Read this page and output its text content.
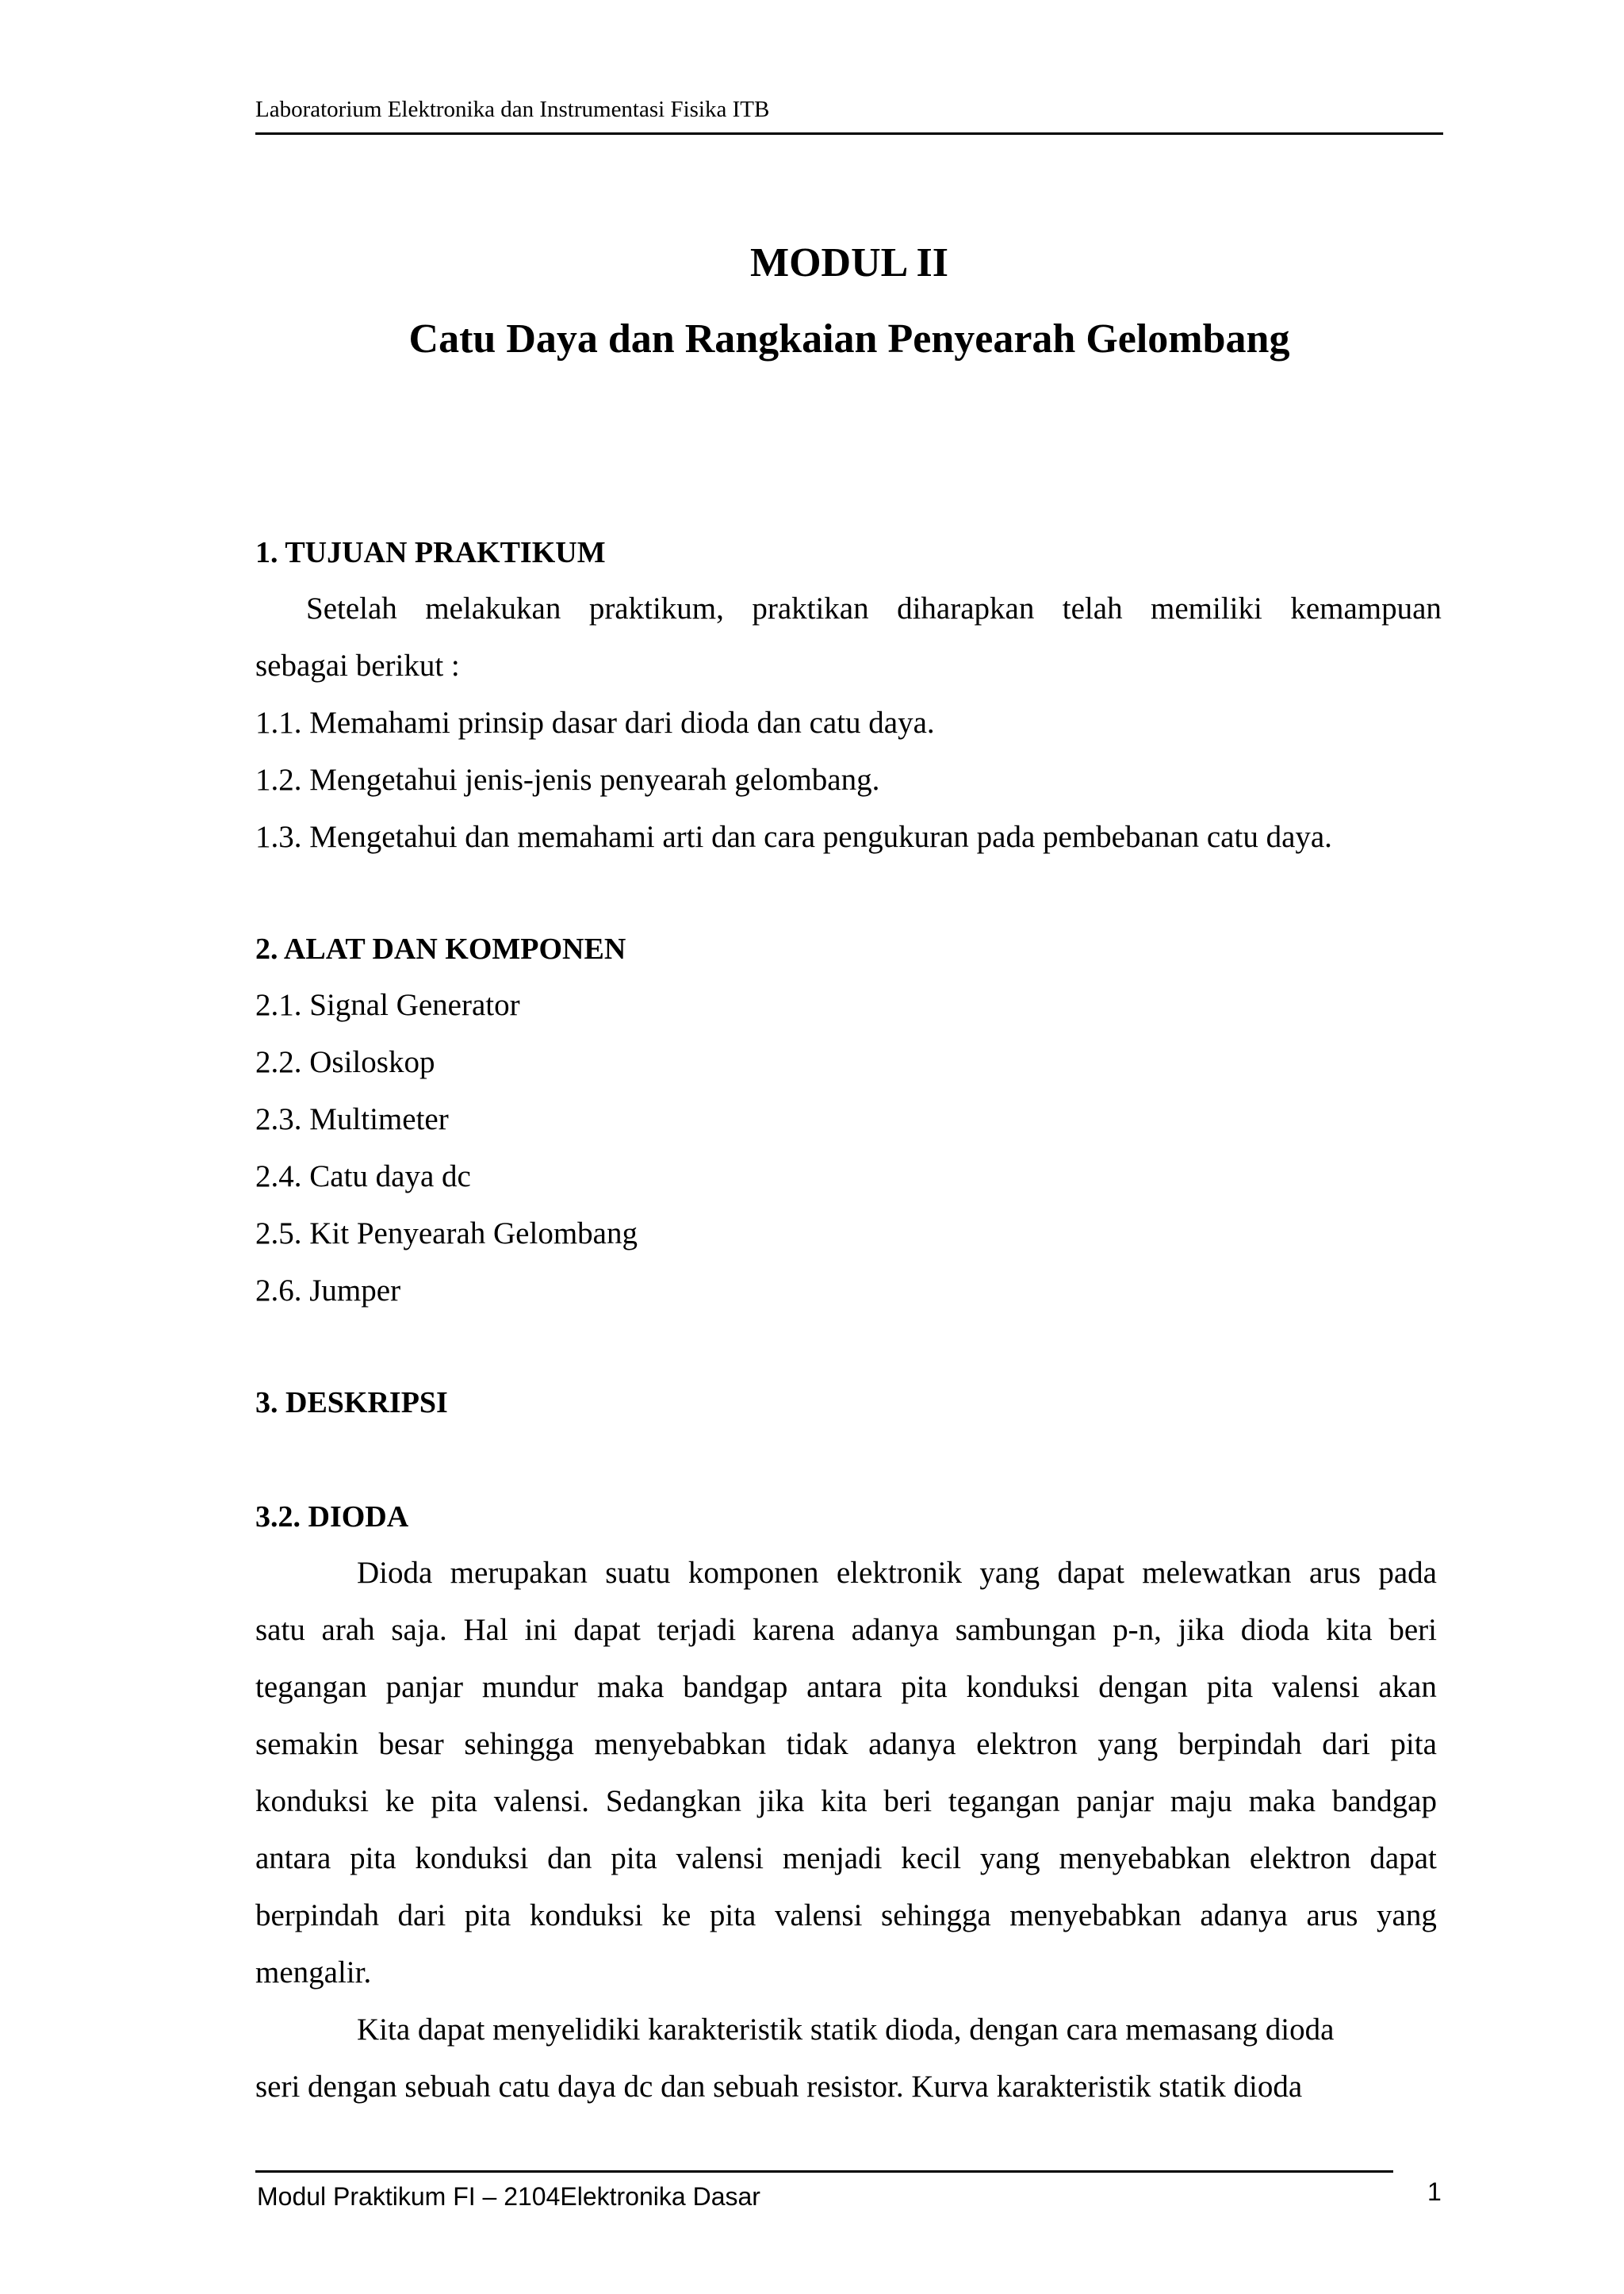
Laboratorium Elektronika dan Instrumentasi Fisika ITB
MODUL II
Catu Daya dan Rangkaian Penyearah Gelombang
1. TUJUAN PRAKTIKUM
Setelah melakukan praktikum, praktikan diharapkan telah memiliki kemampuan
sebagai berikut :
1.1. Memahami prinsip dasar dari dioda dan catu daya.
1.2. Mengetahui jenis-jenis penyearah gelombang.
1.3. Mengetahui dan memahami arti dan cara pengukuran pada pembebanan catu daya.
2. ALAT DAN KOMPONEN
2.1. Signal Generator
2.2. Osiloskop
2.3. Multimeter
2.4. Catu daya dc
2.5. Kit Penyearah Gelombang
2.6. Jumper
3. DESKRIPSI
3.2. DIODA
Dioda merupakan suatu komponen elektronik yang dapat melewatkan arus pada
satu arah saja. Hal ini dapat terjadi karena adanya sambungan p-n, jika dioda kita beri
tegangan panjar mundur maka bandgap antara pita konduksi dengan pita valensi akan
semakin besar sehingga menyebabkan tidak adanya elektron yang berpindah dari pita
konduksi ke pita valensi. Sedangkan jika kita beri tegangan panjar maju maka bandgap
antara pita konduksi dan pita valensi menjadi kecil yang menyebabkan elektron dapat
berpindah dari pita konduksi ke pita valensi sehingga menyebabkan adanya arus yang
mengalir.
Kita dapat menyelidiki karakteristik statik dioda, dengan cara memasang dioda
seri dengan sebuah catu daya dc dan sebuah resistor. Kurva karakteristik statik dioda
Modul Praktikum FI – 2104Elektronika Dasar	1
